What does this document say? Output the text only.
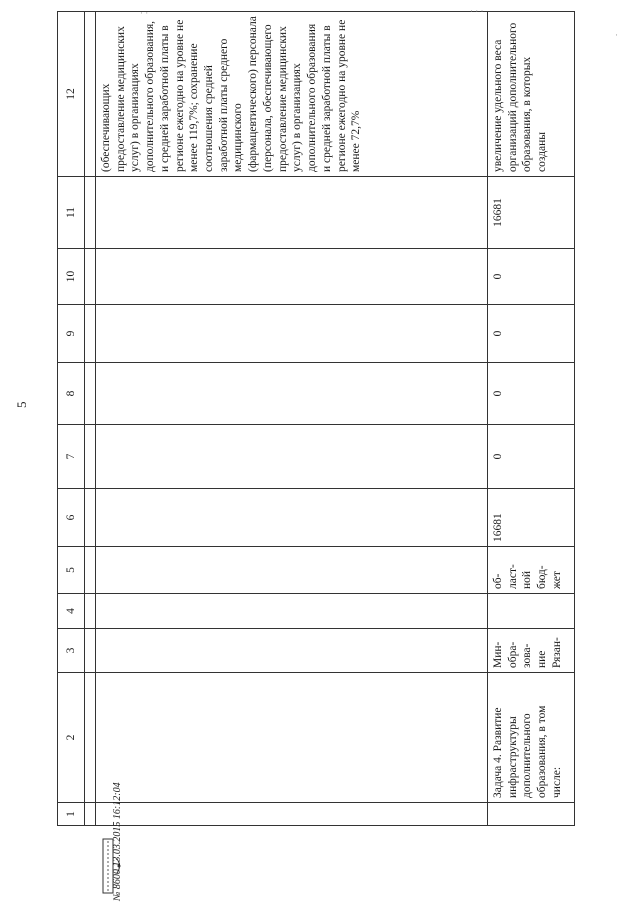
5
1	2	3	4	5	6	7	8	9	10	11	12

											(обеспечивающих предоставление медицинских услуг) в организациях дополнительного образования, и средней заработной платы в регионе ежегодно на уровне не менее 119,7%; сохранение соотношения средней заработной платы среднего медицинского (фармацевтического) персонала (персонала, обеспечивающего предоставление медицинских услуг) в организациях дополнительного образования и средней заработной платы в регионе ежегодно на уровне не менее 72,7%
	Задача 4. Развитие инфраструктуры дополнительного образования, в том числе:	Мин-обра-зова-ние Рязан-		об-ласт-ной бюд-жет	16681	0	0	0	0	16681	увеличение удельного веса организаций дополнительного образования, в которых созданы
№ 8600 13.03.2015 16:12:04
· ·	· · ·
·
